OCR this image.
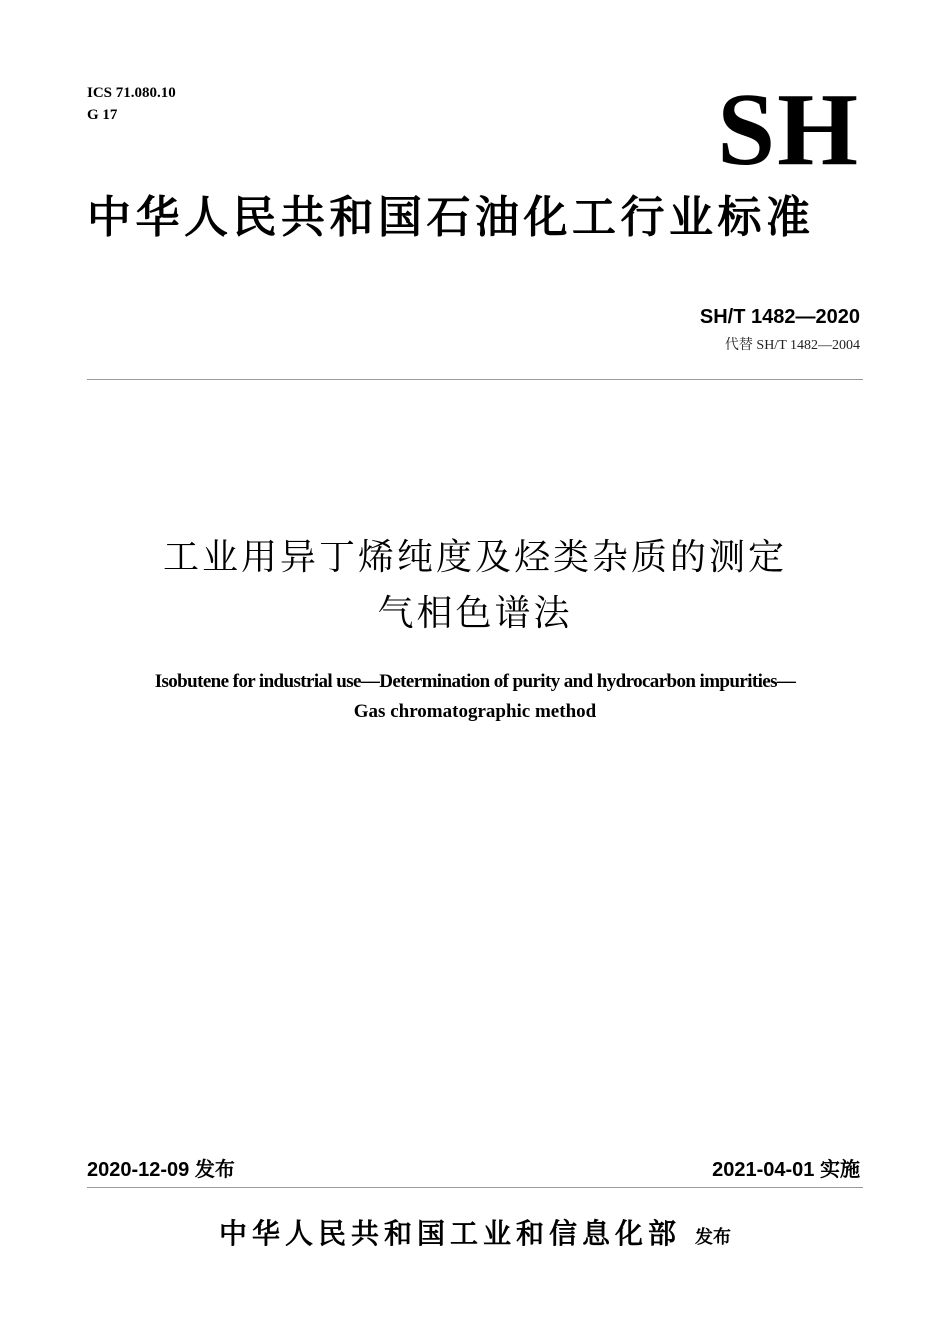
ICS 71.080.10
G 17	SH
中华人民共和国石油化工行业标准
SH/T 1482—2020
代替 SH/T 1482—2004
工业用异丁烯纯度及烃类杂质的测定
气相色谱法
Isobutene for industrial use—Determination of purity and hydrocarbon impurities—
Gas chromatographic method
2020-12-09 发布	2021-04-01 实施
中华人民共和国工业和信息化部 发布
